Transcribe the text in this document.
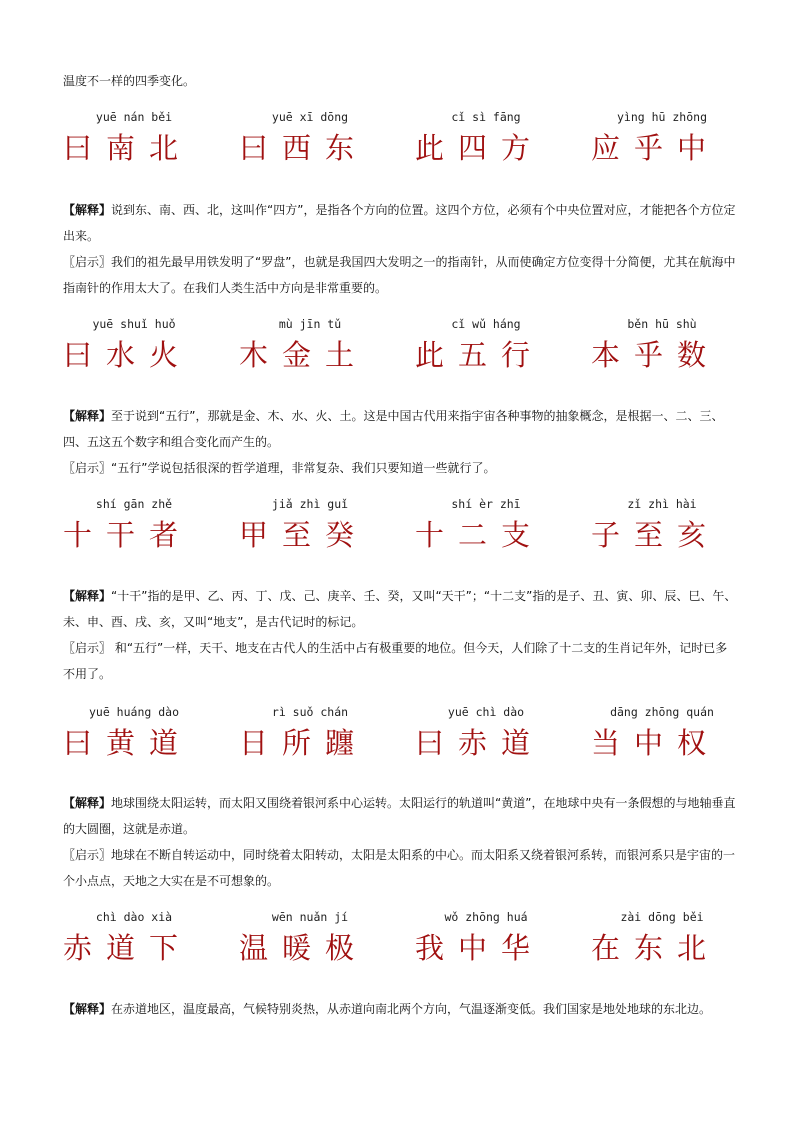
温度不一样的四季变化。
yuē nán běi
曰南北
yuē xī dōng
曰西东
cǐ sì fāng
此四方
yìng hū zhōng
应乎中
【解释】说到东、南、西、北，这叫作“四方”，是指各个方向的位置。这四个方位，必须有个中央位置对应，才能把各个方位定出来。
〖启示〗我们的祖先最早用铁发明了“罗盘”，也就是我国四大发明之一的指南针，从而使确定方位变得十分简便，尤其在航海中指南针的作用太大了。在我们人类生活中方向是非常重要的。
yuē shuǐ huǒ
曰水火
mù jīn tǔ
木金土
cǐ wǔ háng
此五行
běn hū shù
本乎数
【解释】至于说到“五行”，那就是金、木、水、火、土。这是中国古代用来指宇宙各种事物的抽象概念，是根据一、二、三、四、五这五个数字和组合变化而产生的。
〖启示〗“五行”学说包括很深的哲学道理，非常复杂、我们只要知道一些就行了。
shí gān zhě
十干者
jiǎ zhì guǐ
甲至癸
shí èr zhī
十二支
zǐ zhì hài
子至亥
【解释】“十干”指的是甲、乙、丙、丁、戊、己、庚辛、壬、癸，又叫“天干”；“十二支”指的是子、丑、寅、卯、辰、巳、午、未、申、酉、戌、亥，又叫“地支”，是古代记时的标记。
〖启示〗 和“五行”一样，天干、地支在古代人的生活中占有极重要的地位。但今天，人们除了十二支的生肖记年外，记时已多不用了。
yuē huáng dào
曰黄道
rì suǒ chán
日所躔
yuē chì dào
曰赤道
dāng zhōng quán
当中权
【解释】地球围绕太阳运转，而太阳又围绕着银河系中心运转。太阳运行的轨道叫“黄道”，在地球中央有一条假想的与地轴垂直的大圆圈，这就是赤道。
〖启示〗地球在不断自转运动中，同时绕着太阳转动，太阳是太阳系的中心。而太阳系又绕着银河系转，而银河系只是宇宙的一个小点点，天地之大实在是不可想象的。
chì dào xià
赤道下
wēn nuǎn jí
温暖极
wǒ zhōng huá
我中华
zài dōng běi
在东北
【解释】在赤道地区，温度最高，气候特别炎热，从赤道向南北两个方向，气温逐渐变低。我们国家是地处地球的东北边。
